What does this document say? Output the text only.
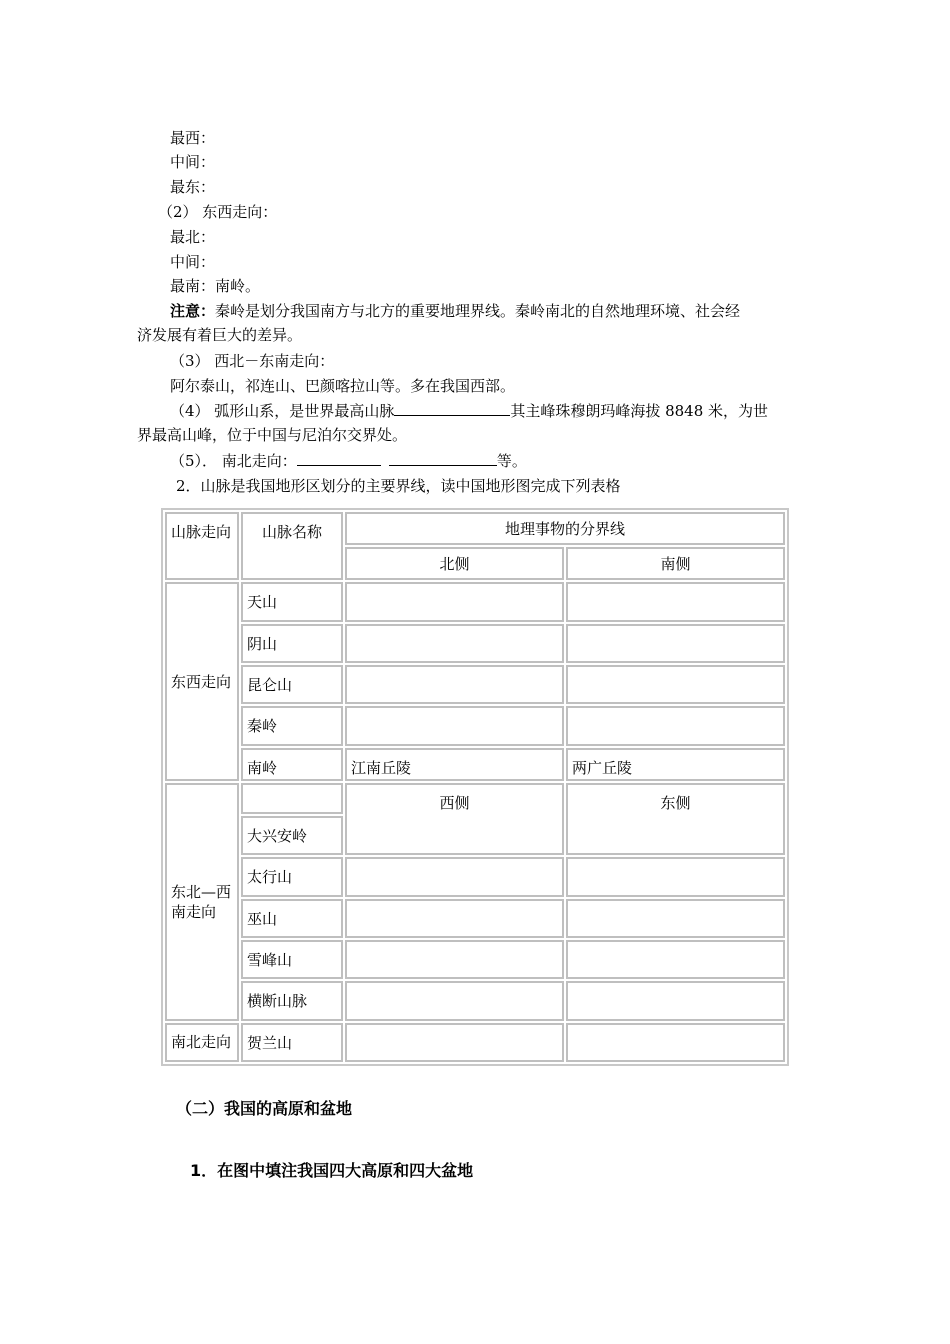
最西：
中间：
最东：
（2） 东西走向：
最北：
中间：
最南：南岭。
注意：秦岭是划分我国南方与北方的重要地理界线。秦岭南北的自然地理环境、社会经
济发展有着巨大的差异。
（3） 西北－东南走向：
阿尔泰山，祁连山、巴颜喀拉山等。多在我国西部。
（4） 弧形山系，是世界最高山脉	其主峰珠穆朗玛峰海拔 8848 米，为世
界最高山峰，位于中国与尼泊尔交界处。
（5）． 南北走向：	等。
2．山脉是我国地形区划分的主要界线，读中国地形图完成下列表格
山脉走向	山脉名称	地理事物的分界线	
		北侧	南侧
东西走向	天山		
	阴山		
	昆仑山		
	秦岭		
	南岭	江南丘陵	两广丘陵
东北—西南走向		西侧	东侧
	大兴安岭		
	太行山		
	巫山		
	雪峰山		
	横断山脉		
南北走向	贺兰山		
（二）我国的高原和盆地
1．在图中填注我国四大高原和四大盆地
